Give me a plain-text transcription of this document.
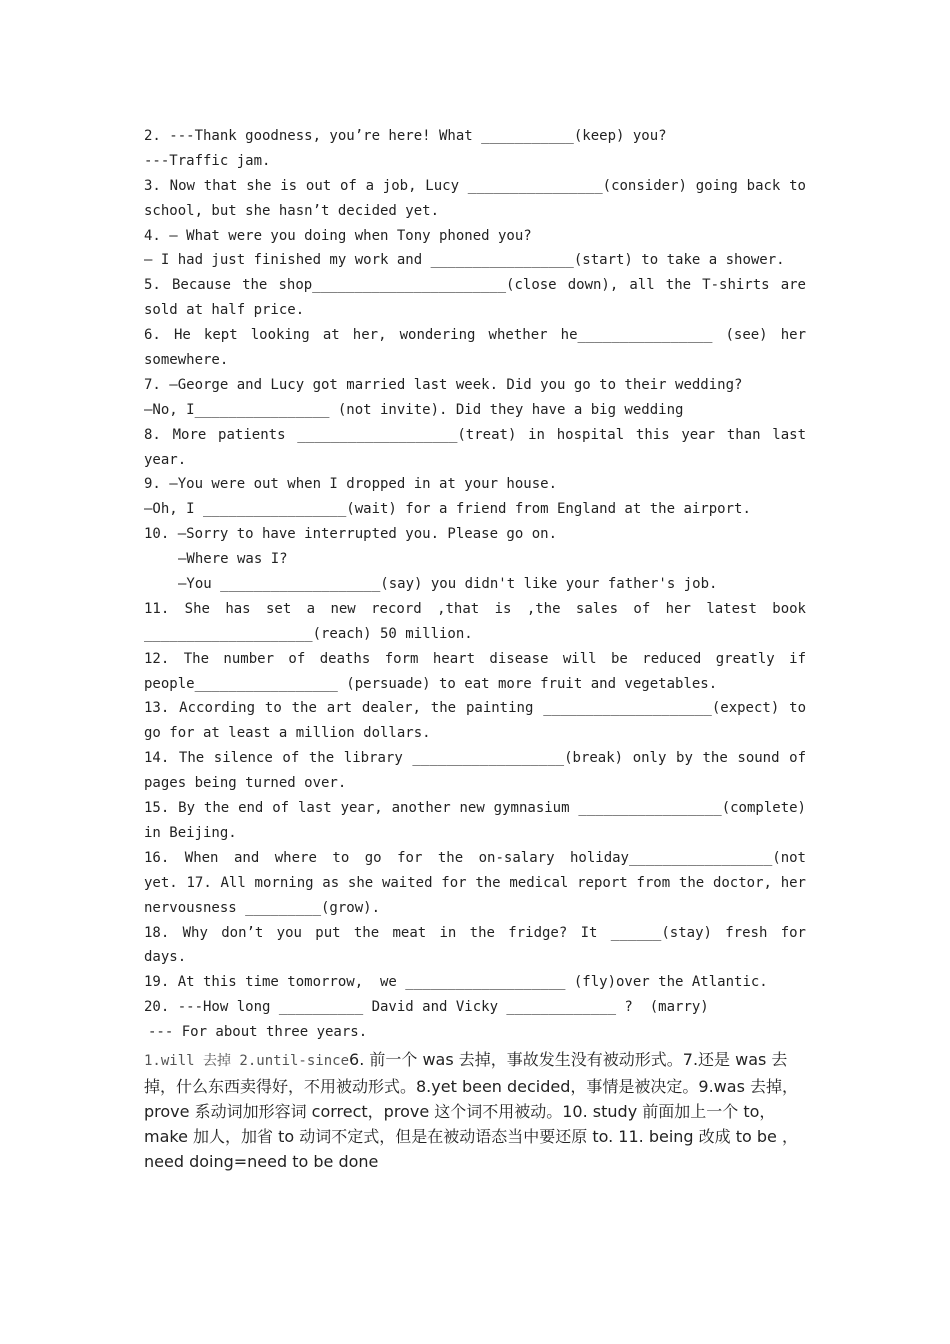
2. ---Thank goodness, you’re here! What ___________(keep) you?
---Traffic jam.
3. Now that she is out of a job, Lucy ________________(consider) going back to
school, but she hasn’t decided yet.
4. — What were you doing when Tony phoned you?
— I had just finished my work and _________________(start) to take a shower.
5. Because the shop_______________________(close down), all the T-shirts are
sold at half price.
6. He kept looking at her, wondering whether he________________ (see) her
somewhere.
7. —George and Lucy got married last week. Did you go to their wedding?
—No, I________________ (not invite). Did they have a big wedding
8. More patients ___________________(treat) in hospital this year than last
year.
9. —You were out when I dropped in at your house.
—Oh, I _________________(wait) for a friend from England at the airport.
10. —Sorry to have interrupted you. Please go on.
—Where was I?
—You ___________________(say) you didn't like your father's job.
11. She has set a new record ,that is ,the sales of her latest book
____________________(reach) 50 million.
12. The number of deaths form heart disease will be reduced greatly if
people_________________ (persuade) to eat more fruit and vegetables.
13. According to the art dealer, the painting ____________________(expect) to
go for at least a million dollars.
14. The silence of the library __________________(break) only by the sound of
pages being turned over.
15. By the end of last year, another new gymnasium _________________(complete)
in Beijing.
16. When and where to go for the on-salary holiday_________________(not
yet. 17. All morning as she waited for the medical report from the doctor, her
nervousness _________(grow).
18. Why don’t you put the meat in the fridge? It ______(stay) fresh for
days.
19. At this time tomorrow,  we ___________________ (fly)over the Atlantic.
20. ---How long __________ David and Vicky _____________ ?  (marry)
--- For about three years.
1.will 去掉 2.until-since6. 前一个 was 去掉，事故发生没有被动形式。7.还是 was 去掉，什么东西卖得好，不用被动形式。8.yet been decided，事情是被决定。9.was 去掉，prove 系动词加形容词 correct，prove 这个词不用被动。10. study 前面加上一个 to，make 加人，加省 to 动词不定式，但是在被动语态当中要还原 to. 11. being 改成 to be ，need doing=need to be done
